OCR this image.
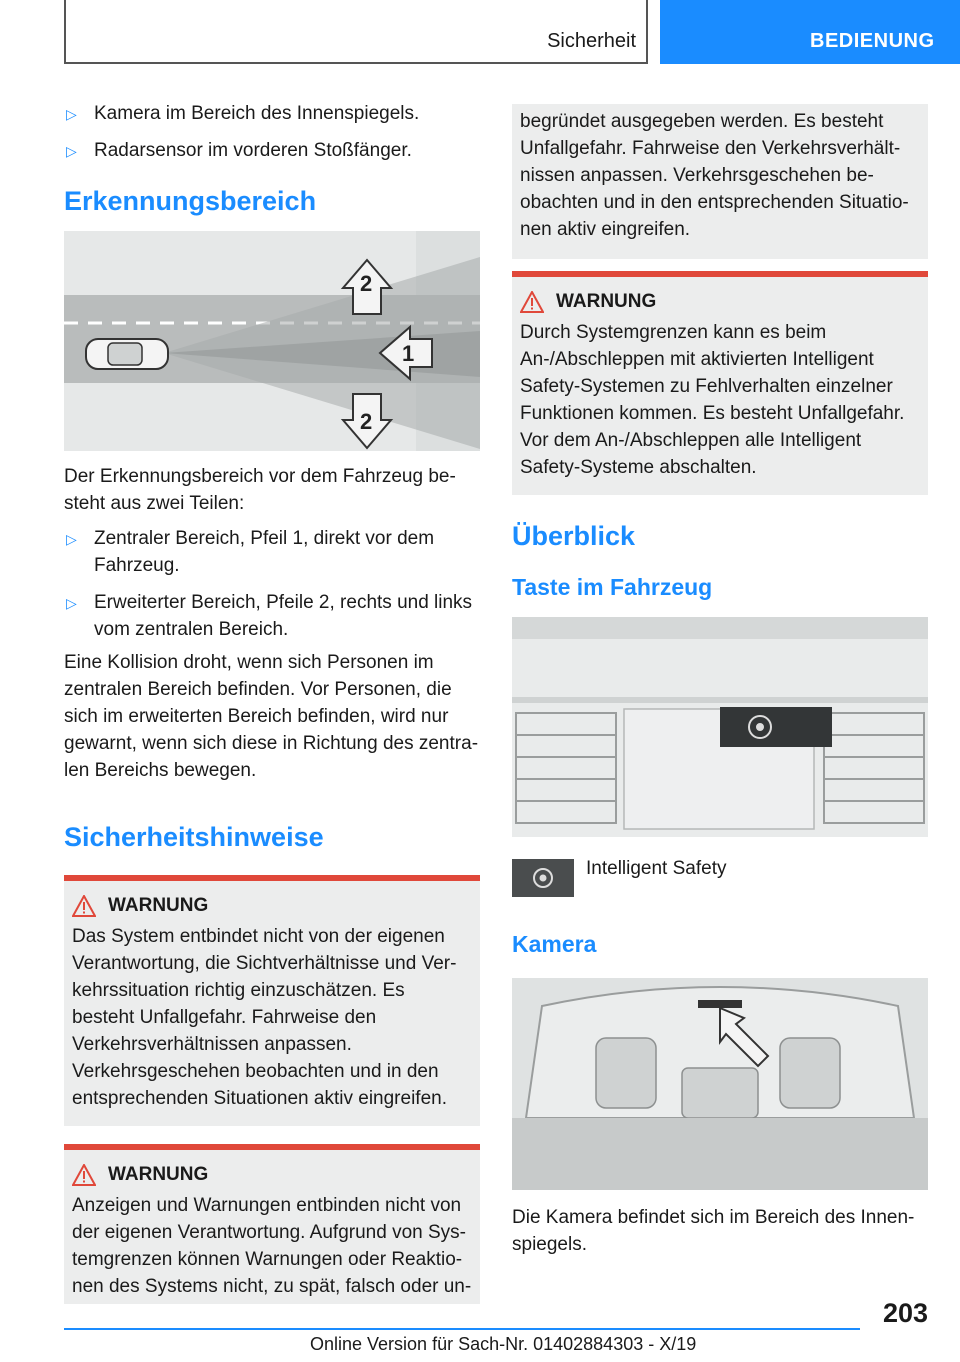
Sicherheit	BEDIENUNG
▷ Kamera im Bereich des Innenspiegels.
▷ Radarsensor im vorderen Stoßfänger.
Erkennungsbereich
2
1
2

Der Erkennungsbereich vor dem Fahrzeug besteht aus zwei Teilen:

▷ Zentraler Bereich, Pfeil 1, direkt vor dem Fahrzeug.
▷ Erweiterter Bereich, Pfeile 2, rechts und links vom zentralen Bereich.

Eine Kollision droht, wenn sich Personen im zentralen Bereich befinden. Vor Personen, die sich im erweiterten Bereich befinden, wird nur gewarnt, wenn sich diese in Richtung des zentralen Bereichs bewegen.

Sicherheitshinweise
WARNUNG

Das System entbindet nicht von der eigenen Verantwortung, die Sichtverhältnisse und Verkehrssituation richtig einzuschätzen. Es besteht Unfallgefahr. Fahrweise den Verkehrsverhältnissen anpassen. Verkehrsgeschehen beobachten und in den entsprechenden Situationen aktiv eingreifen.

WARNUNG

Anzeigen und Warnungen entbinden nicht von der eigenen Verantwortung. Aufgrund von Systemgrenzen können Warnungen oder Reaktionen des Systems nicht, zu spät, falsch oder un-

begründet ausgegeben werden. Es besteht Unfallgefahr. Fahrweise den Verkehrsverhältnissen anpassen. Verkehrsgeschehen beobachten und in den entsprechenden Situationen aktiv eingreifen.

WARNUNG

Durch Systemgrenzen kann es beim An-/Abschleppen mit aktivierten Intelligent Safety-Systemen zu Fehlverhalten einzelner Funktionen kommen. Es besteht Unfallgefahr. Vor dem An-/Abschleppen alle Intelligent Safety-Systeme abschalten.

Überblick
Taste im Fahrzeug

Intelligent Safety

Kamera

Die Kamera befindet sich im Bereich des Innenspiegels.

203
Online Version für Sach-Nr. 01402884303 - X/19
